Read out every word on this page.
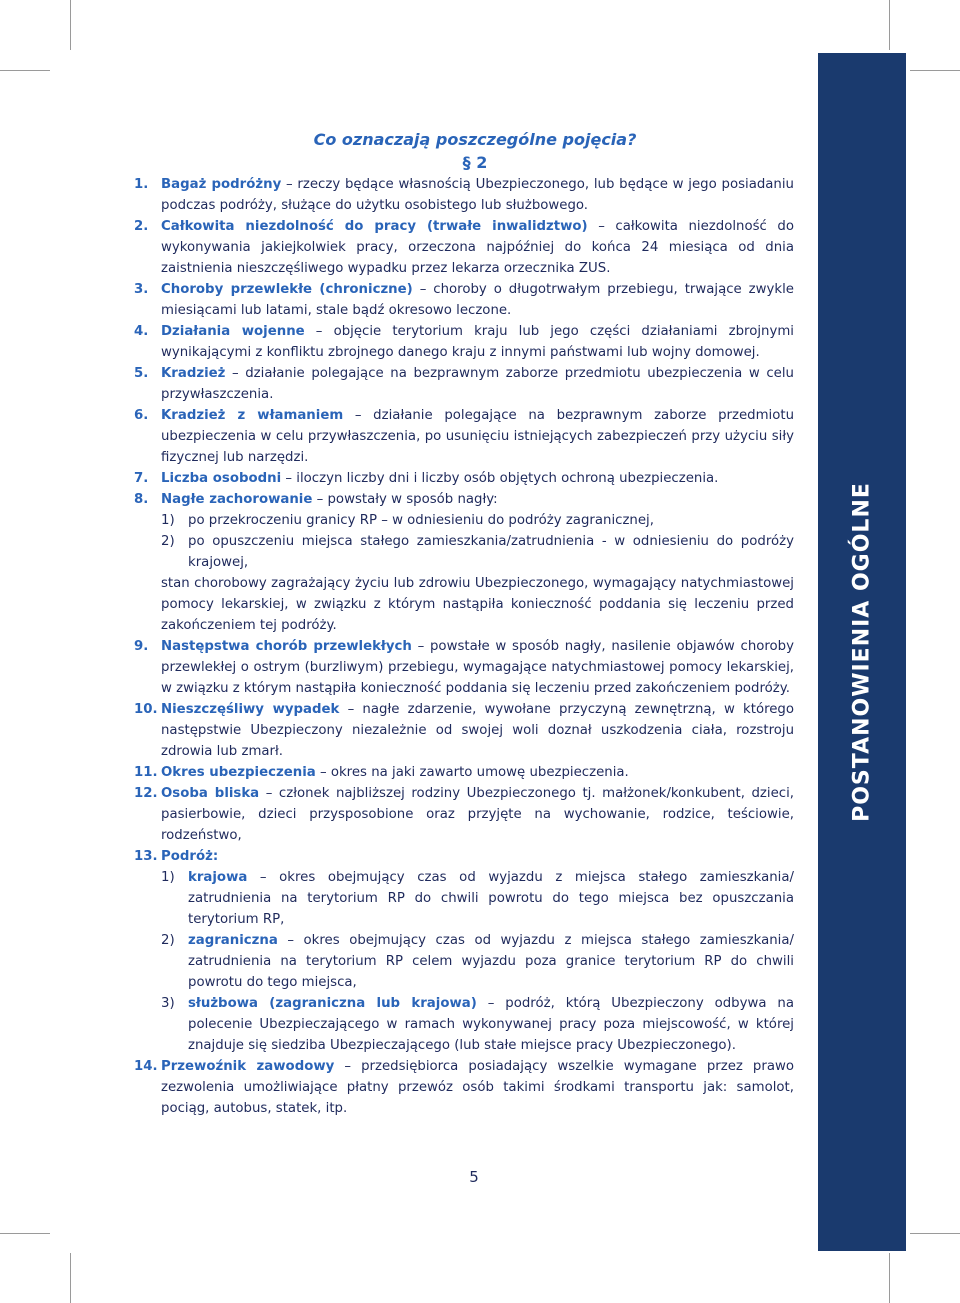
POSTANOWIENIA OGÓLNE
Co oznaczają poszczególne pojęcia?
§ 2
1. Bagaż podróżny – rzeczy będące własnością Ubezpieczonego, lub będące w jego posiadaniu podczas podróży, służące do użytku osobistego lub służbowego.
2. Całkowita niezdolność do pracy (trwałe inwalidztwo) – całkowita niezdolność do wykonywania jakiejkolwiek pracy, orzeczona najpóźniej do końca 24 miesiąca od dnia zaistnienia nieszczęśliwego wypadku przez lekarza orzecznika ZUS.
3. Choroby przewlekłe (chroniczne) – choroby o długotrwałym przebiegu, trwające zwykle miesiącami lub latami, stale bądź okresowo leczone.
4. Działania wojenne – objęcie terytorium kraju lub jego części działaniami zbrojnymi wynikającymi z konfliktu zbrojnego danego kraju z innymi państwami lub wojny domowej.
5. Kradzież – działanie polegające na bezprawnym zaborze przedmiotu ubezpieczenia w celu przywłaszczenia.
6. Kradzież z włamaniem – działanie polegające na bezprawnym zaborze przedmiotu ubezpieczenia w celu przywłaszczenia, po usunięciu istniejących zabezpieczeń przy użyciu siły fizycznej lub narzędzi.
7. Liczba osobodni – iloczyn liczby dni i liczby osób objętych ochroną ubezpieczenia.
8. Nagłe zachorowanie – powstały w sposób nagły:
1) po przekroczeniu granicy RP – w odniesieniu do podróży zagranicznej,
2) po opuszczeniu miejsca stałego zamieszkania/zatrudnienia - w odniesieniu do podróży krajowej,
stan chorobowy zagrażający życiu lub zdrowiu Ubezpieczonego, wymagający natychmiastowej pomocy lekarskiej, w związku z którym nastąpiła konieczność poddania się leczeniu przed zakończeniem tej podróży.
9. Następstwa chorób przewlekłych – powstałe w sposób nagły, nasilenie objawów choroby przewlekłej o ostrym (burzliwym) przebiegu, wymagające natychmiastowej pomocy lekarskiej, w związku z którym nastąpiła konieczność poddania się leczeniu przed zakończeniem podróży.
10. Nieszczęśliwy wypadek – nagłe zdarzenie, wywołane przyczyną zewnętrzną, w którego następstwie Ubezpieczony niezależnie od swojej woli doznał uszkodzenia ciała, rozstroju zdrowia lub zmarł.
11. Okres ubezpieczenia – okres na jaki zawarto umowę ubezpieczenia.
12. Osoba bliska – członek najbliższej rodziny Ubezpieczonego tj. małżonek/konkubent, dzieci, pasierbowie, dzieci przysposobione oraz przyjęte na wychowanie, rodzice, teściowie, rodzeństwo,
13. Podróż:
1) krajowa – okres obejmujący czas od wyjazdu z miejsca stałego zamieszkania/ zatrudnienia na terytorium RP do chwili powrotu do tego miejsca bez opuszczania terytorium RP,
2) zagraniczna – okres obejmujący czas od wyjazdu z miejsca stałego zamieszkania/ zatrudnienia na terytorium RP celem wyjazdu poza granice terytorium RP do chwili powrotu do tego miejsca,
3) służbowa (zagraniczna lub krajowa) – podróż, którą Ubezpieczony odbywa na polecenie Ubezpieczającego w ramach wykonywanej pracy poza miejscowość, w której znajduje się siedziba Ubezpieczającego (lub stałe miejsce pracy Ubezpieczonego).
14. Przewoźnik zawodowy – przedsiębiorca posiadający wszelkie wymagane przez prawo zezwolenia umożliwiające płatny przewóz osób takimi środkami transportu jak: samolot, pociąg, autobus, statek, itp.
5
